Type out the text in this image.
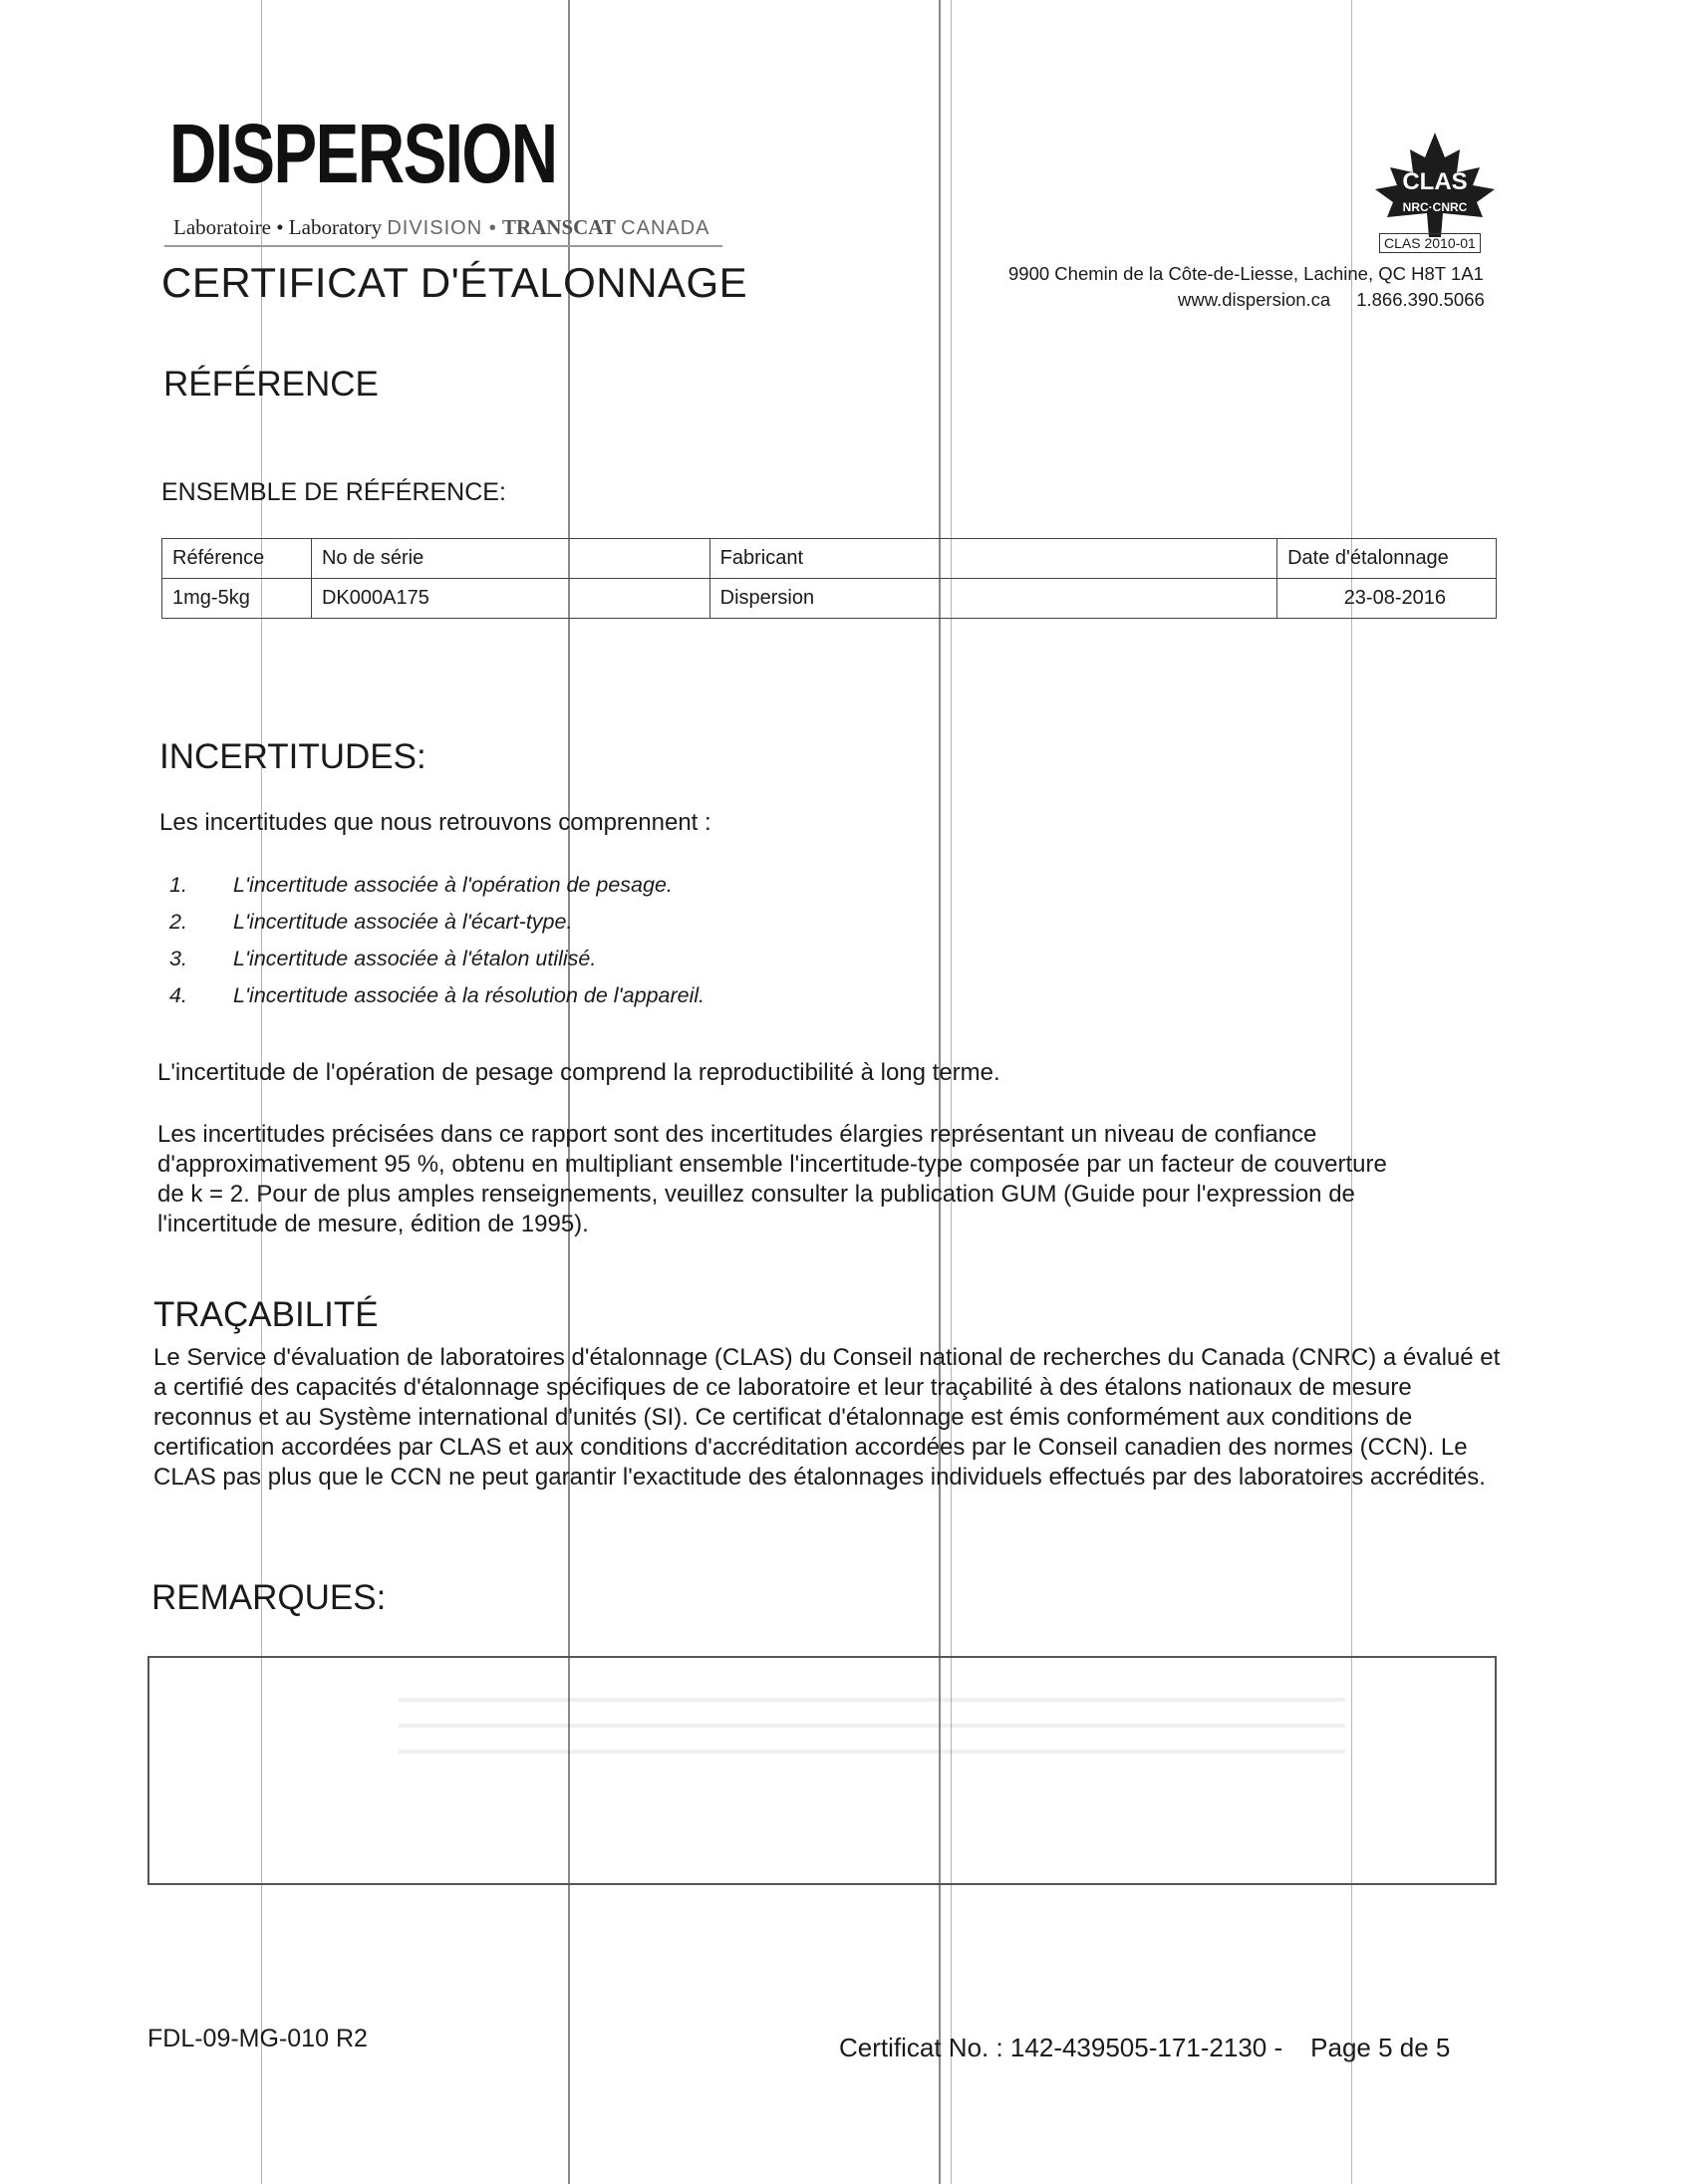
DISPERSION
Laboratoire • Laboratory DIVISION • TRANSCAT CANADA
CERTIFICAT D'ÉTALONNAGE
CLAS
NRC·CNRC
CLAS 2010-01
9900 Chemin de la Côte-de-Liesse, Lachine, QC H8T 1A1
www.dispersion.ca 1.866.390.5066
RÉFÉRENCE
ENSEMBLE DE RÉFÉRENCE:
Référence	No de série	Fabricant	Date d'étalonnage
1mg-5kg	DK000A175	Dispersion	23-08-2016
INCERTITUDES:
Les incertitudes que nous retrouvons comprennent :
1.	L'incertitude associée à l'opération de pesage.
2.	L'incertitude associée à l'écart-type.
3.	L'incertitude associée à l'étalon utilisé.
4.	L'incertitude associée à la résolution de l'appareil.
L'incertitude de l'opération de pesage comprend la reproductibilité à long terme.
Les incertitudes précisées dans ce rapport sont des incertitudes élargies représentant un niveau de confiance d'approximativement 95 %, obtenu en multipliant ensemble l'incertitude-type composée par un facteur de couverture de k = 2. Pour de plus amples renseignements, veuillez consulter la publication GUM (Guide pour l'expression de l'incertitude de mesure, édition de 1995).
TRAÇABILITÉ
Le Service d'évaluation de laboratoires d'étalonnage (CLAS) du Conseil national de recherches du Canada (CNRC) a évalué et a certifié des capacités d'étalonnage spécifiques de ce laboratoire et leur traçabilité à des étalons nationaux de mesure reconnus et au Système international d'unités (SI). Ce certificat d'étalonnage est émis conformément aux conditions de certification accordées par CLAS et aux conditions d'accréditation accordées par le Conseil canadien des normes (CCN). Le CLAS pas plus que le CCN ne peut garantir l'exactitude des étalonnages individuels effectués par des laboratoires accrédités.
REMARQUES:
FDL-09-MG-010 R2	Certificat No. : 142-439505-171-2130 - Page 5 de 5
